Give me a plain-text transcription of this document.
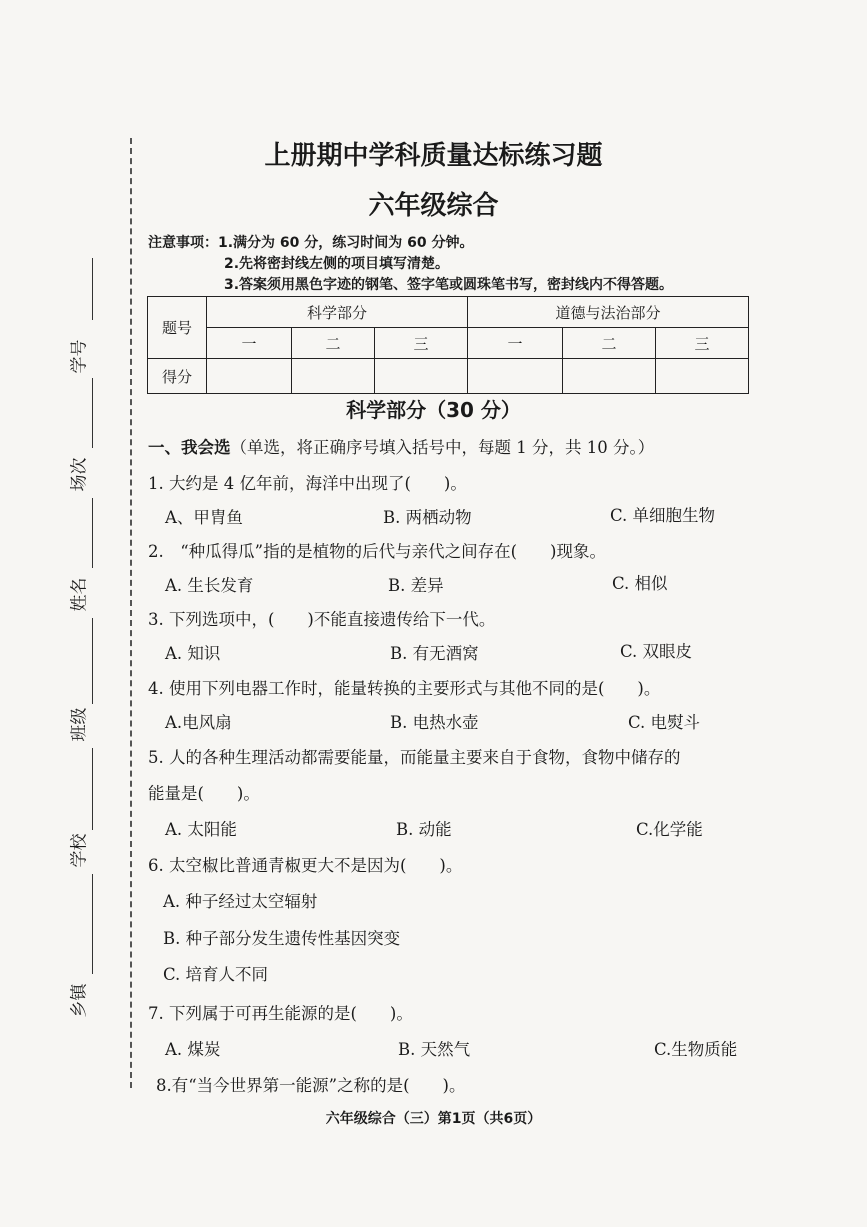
学号
场次
姓名
班级
学校
乡镇
上册期中学科质量达标练习题
六年级综合
注意事项：1.满分为 60 分，练习时间为 60 分钟。
2.先将密封线左侧的项目填写清楚。
3.答案须用黑色字迹的钢笔、签字笔或圆珠笔书写，密封线内不得答题。
题号	科学部分			道德与法治部分		
	一	二	三	一	二	三
得分						
科学部分（30 分）
一、我会选（单选，将正确序号填入括号中，每题 1 分，共 10 分。）
1. 大约是 4 亿年前，海洋中出现了(　　)。
A、甲胄鱼	B. 两栖动物	C. 单细胞生物
2.　“种瓜得瓜”指的是植物的后代与亲代之间存在(　　)现象。
A. 生长发育	B. 差异	C. 相似
3. 下列选项中，(　　)不能直接遗传给下一代。
A. 知识	B. 有无酒窝	C. 双眼皮
4. 使用下列电器工作时，能量转换的主要形式与其他不同的是(　　)。
A.电风扇	B. 电热水壶	C. 电熨斗
5. 人的各种生理活动都需要能量，而能量主要来自于食物，食物中储存的
能量是(　　)。
A. 太阳能	B. 动能	C.化学能
6. 太空椒比普通青椒更大不是因为(　　)。
A. 种子经过太空辐射
B. 种子部分发生遗传性基因突变
C. 培育人不同
7. 下列属于可再生能源的是(　　)。
A. 煤炭	B. 天然气	C.生物质能
8.有“当今世界第一能源”之称的是(　　)。
六年级综合（三）第1页（共6页）
